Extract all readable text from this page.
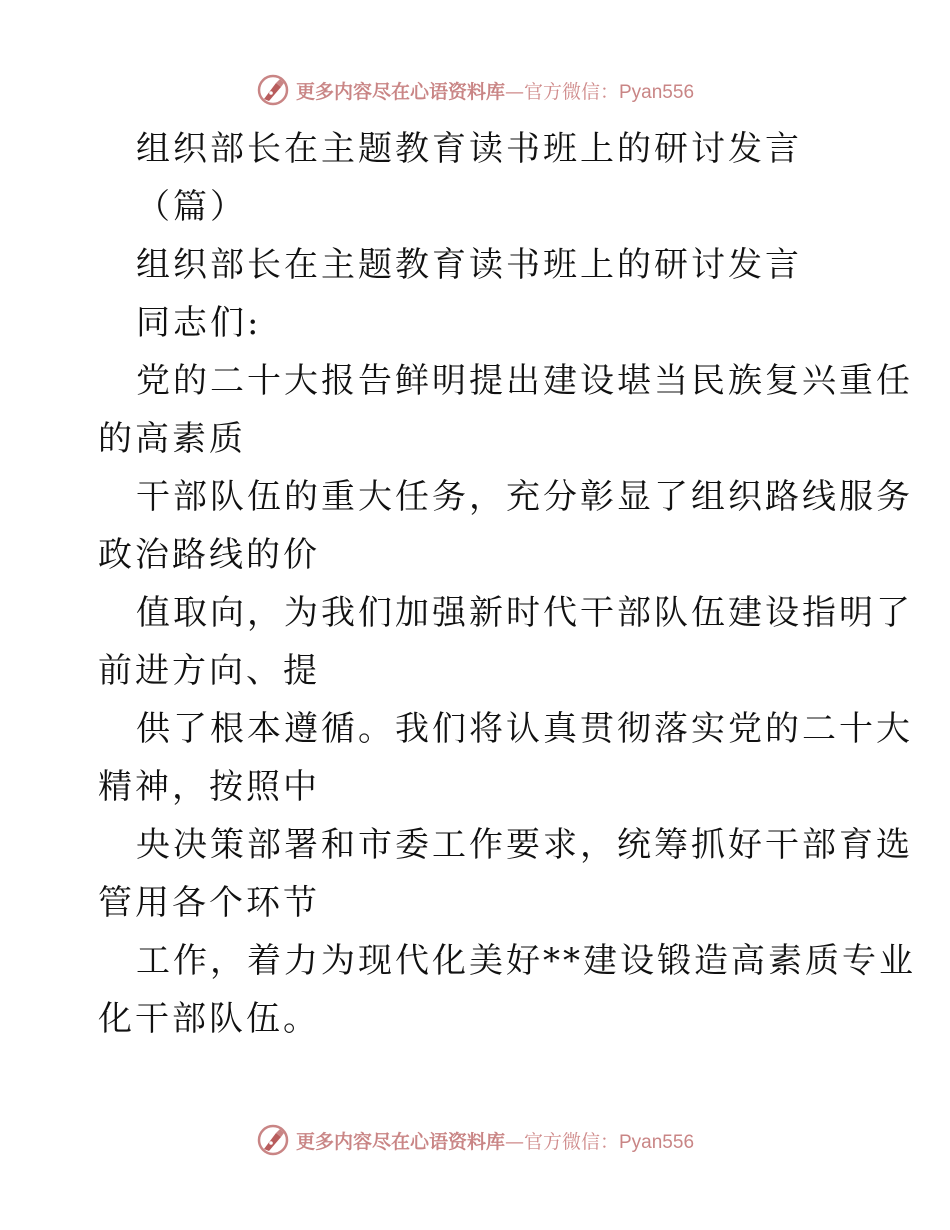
更多内容尽在心语资料库—官方微信：Pyan556
组织部长在主题教育读书班上的研讨发言
（篇）
组织部长在主题教育读书班上的研讨发言
同志们:
党的二十大报告鲜明提出建设堪当民族复兴重任
的高素质
干部队伍的重大任务，充分彰显了组织路线服务
政治路线的价
值取向，为我们加强新时代干部队伍建设指明了
前进方向、提
供了根本遵循。我们将认真贯彻落实党的二十大
精神，按照中
央决策部署和市委工作要求，统筹抓好干部育选
管用各个环节
工作，着力为现代化美好**建设锻造高素质专业
化干部队伍。
更多内容尽在心语资料库—官方微信：Pyan556
